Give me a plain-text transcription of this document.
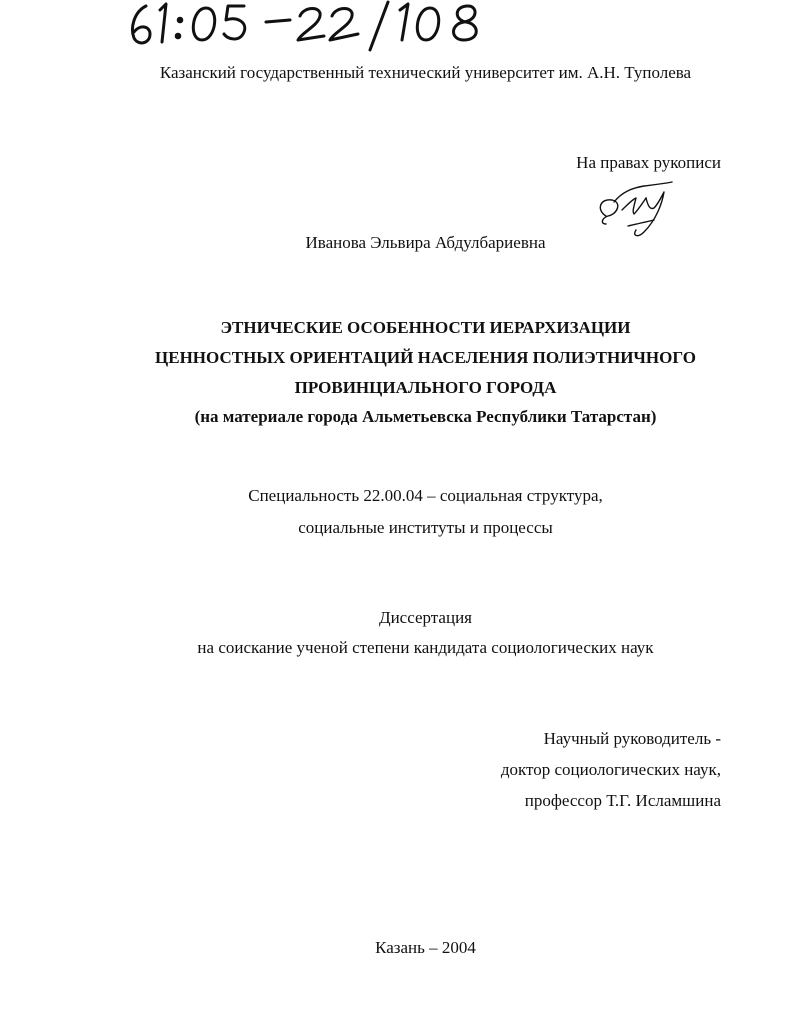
Казанский государственный технический университет им. А.Н. Туполева
На правах рукописи
Иванова Эльвира Абдулбариевна
ЭТНИЧЕСКИЕ ОСОБЕННОСТИ ИЕРАРХИЗАЦИИ
ЦЕННОСТНЫХ ОРИЕНТАЦИЙ НАСЕЛЕНИЯ ПОЛИЭТНИЧНОГО
ПРОВИНЦИАЛЬНОГО ГОРОДА
(на материале города Альметьевска Республики Татарстан)
Специальность 22.00.04 – социальная структура,
социальные институты и процессы
Диссертация
на соискание ученой степени кандидата социологических наук
Научный руководитель -
доктор социологических наук,
профессор Т.Г. Исламшина
Казань – 2004
